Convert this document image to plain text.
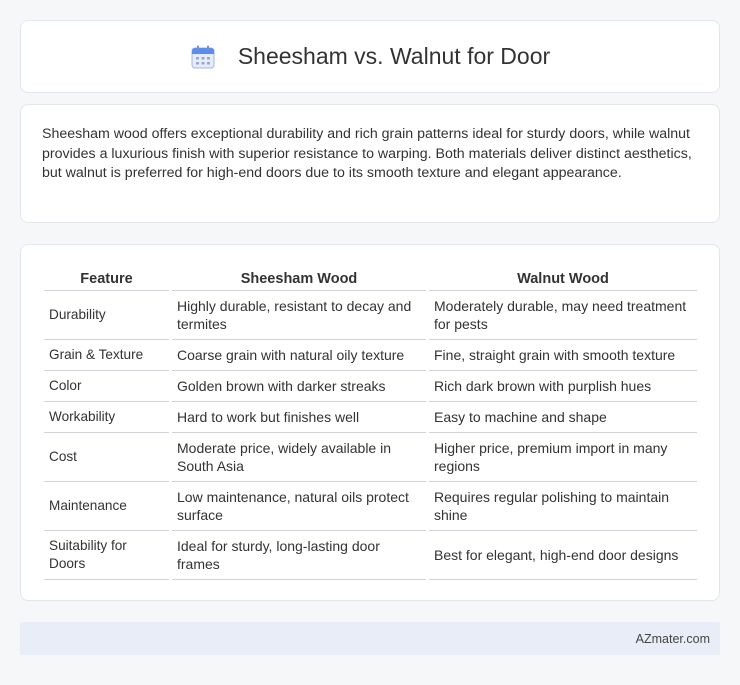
Sheesham vs. Walnut for Door

Sheesham wood offers exceptional durability and rich grain patterns ideal for sturdy doors, while walnut provides a luxurious finish with superior resistance to warping. Both materials deliver distinct aesthetics, but walnut is preferred for high-end doors due to its smooth texture and elegant appearance.

Feature	Sheesham Wood	Walnut Wood
Durability	Highly durable, resistant to decay and termites	Moderately durable, may need treatment for pests
Grain & Texture	Coarse grain with natural oily texture	Fine, straight grain with smooth texture
Color	Golden brown with darker streaks	Rich dark brown with purplish hues
Workability	Hard to work but finishes well	Easy to machine and shape
Cost	Moderate price, widely available in South Asia	Higher price, premium import in many regions
Maintenance	Low maintenance, natural oils protect surface	Requires regular polishing to maintain shine
Suitability for Doors	Ideal for sturdy, long-lasting door frames	Best for elegant, high-end door designs
AZmater.com
